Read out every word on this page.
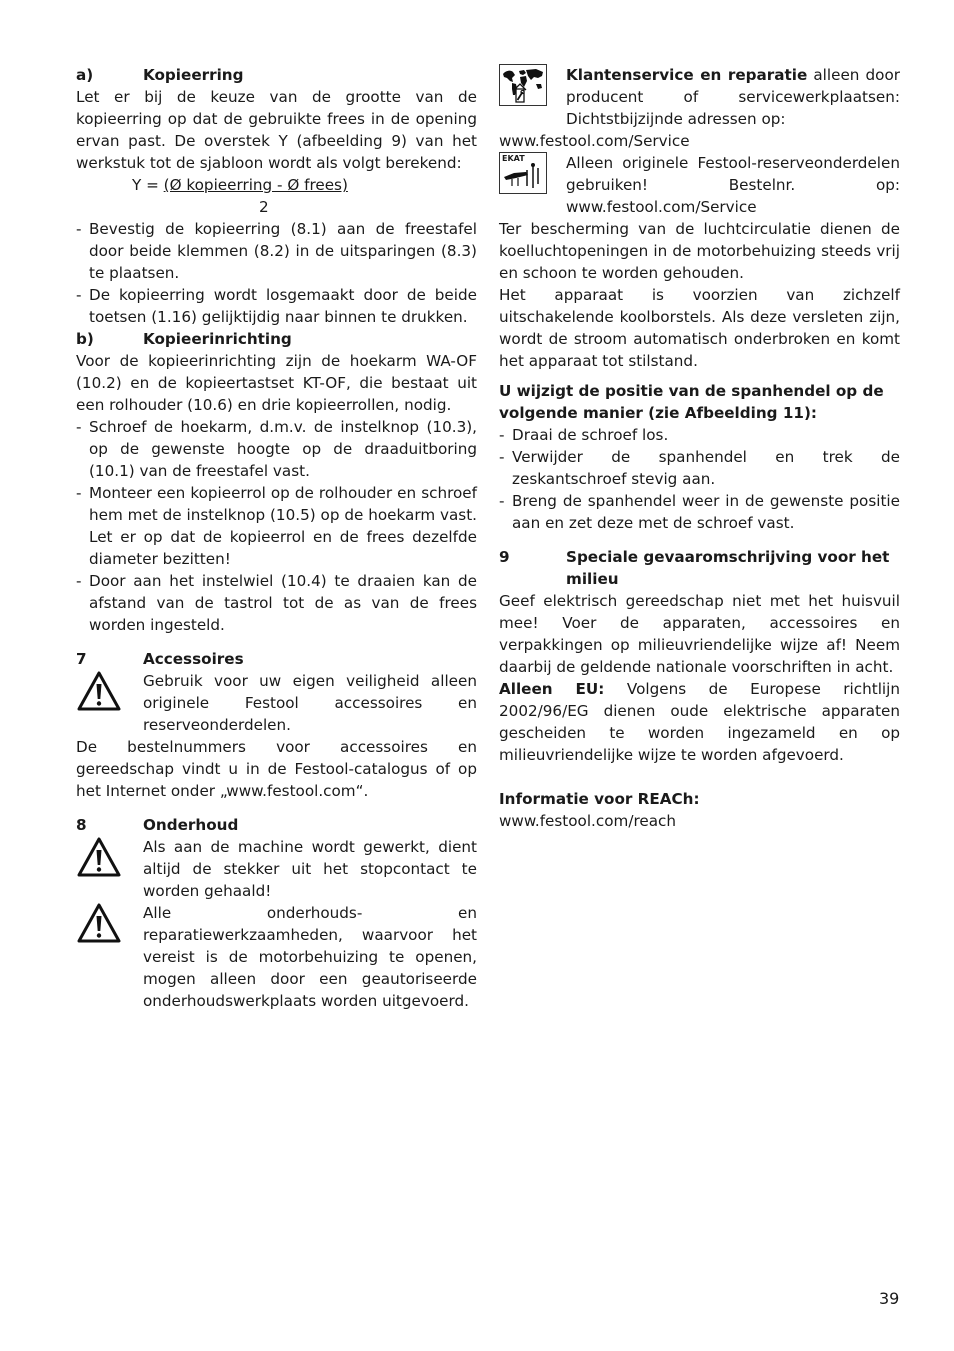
a)	Kopieerring

Let er bij de keuze van de grootte van de kopieerring op dat de gebruikte frees in de opening ervan past. De overstek Y (afbeelding 9) van het werkstuk tot de sjabloon wordt als volgt berekend:

Y = (Ø kopieerring - Ø frees)
2
- Bevestig de kopieerring (8.1) aan de freestafel door beide klemmen (8.2) in de uitsparingen (8.3) te plaatsen.
- De kopieerring wordt losgemaakt door de beide toetsen (1.16) gelijktijdig naar binnen te drukken.
b)	Kopieerinrichting

Voor de kopieerinrichting zijn de hoekarm WA-OF (10.2) en de kopieertastset KT-OF, die bestaat uit een rolhouder (10.6) en drie kopieerrollen, nodig.

- Schroef de hoekarm, d.m.v. de instelknop (10.3), op de gewenste hoogte op de draaduitboring (10.1) van de freestafel vast.
- Monteer een kopieerrol op de rolhouder en schroef hem met de instelknop (10.5) op de hoekarm vast. Let er op dat de kopieerrol en de frees dezelfde diameter bezitten!
- Door aan het instelwiel (10.4) te draaien kan de afstand van de tastrol tot de as van de frees worden ingesteld.
7	Accessoires
Gebruik voor uw eigen veiligheid alleen originele Festool accessoires en reserveonderdelen.

De bestelnummers voor accessoires en gereedschap vindt u in de Festool-catalogus of op het Internet onder „www.festool.com“.

8	Onderhoud
Als aan de machine wordt gewerkt, dient altijd de stekker uit het stopcontact te worden gehaald!
Alle onderhouds- en reparatiewerkzaamheden, waarvoor het vereist is de motorbehuizing te openen, mogen alleen door een geautoriseerde onderhoudswerkplaats worden uitgevoerd.
Klantenservice en reparatie alleen door producent of servicewerkplaatsen: Dichtstbijzijnde adressen op:

www.festool.com/Service

EKAT	Alleen originele Festool-reserveonderdelen gebruiken! Bestelnr. op: www.festool.com/Service

Ter bescherming van de luchtcirculatie dienen de koelluchtopeningen in de motorbehuizing steeds vrij en schoon te worden gehouden.

Het apparaat is voorzien van zichzelf uitschakelende koolborstels. Als deze versleten zijn, wordt de stroom automatisch onderbroken en komt het apparaat tot stilstand.

U wijzigt de positie van de spanhendel op de volgende manier (zie Afbeelding 11):

- Draai de schroef los.
- Verwijder de spanhendel en trek de zeskantschroef stevig aan.
- Breng de spanhendel weer in de gewenste positie aan en zet deze met de schroef vast.
9	Speciale gevaaromschrijving voor het milieu

Geef elektrisch gereedschap niet met het huisvuil mee! Voer de apparaten, accessoires en verpakkingen op milieuvriendelijke wijze af! Neem daarbij de geldende nationale voorschriften in acht.

Alleen EU: Volgens de Europese richtlijn 2002/96/EG dienen oude elektrische apparaten gescheiden te worden ingezameld en op milieuvriendelijke wijze te worden afgevoerd.

Informatie voor REACh:

www.festool.com/reach

39
